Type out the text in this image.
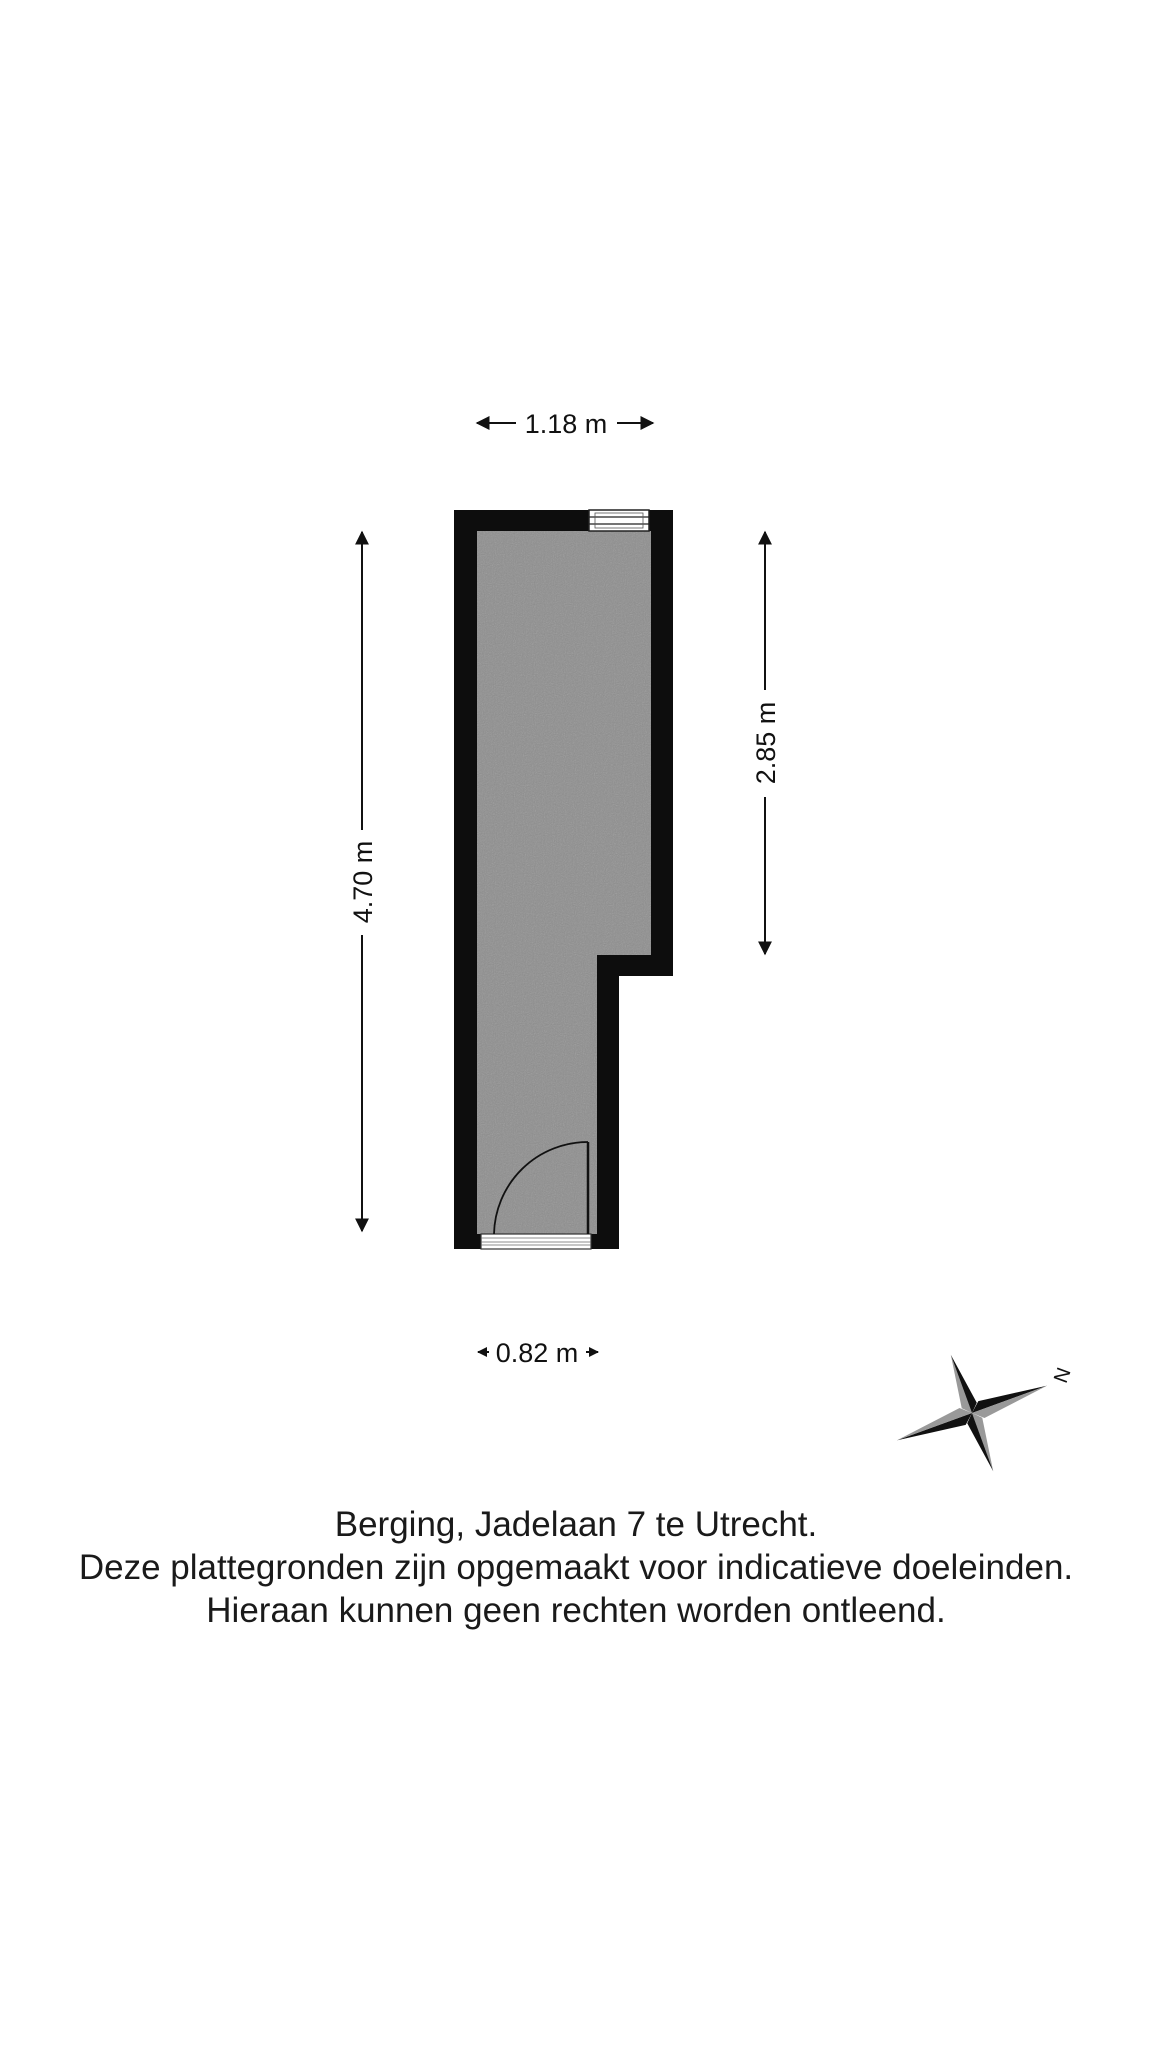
1.18 m
0.82 m
4.70 m
2.85 m
N
Berging, Jadelaan 7 te Utrecht.
Deze plattegronden zijn opgemaakt voor indicatieve doeleinden.
Hieraan kunnen geen rechten worden ontleend.
